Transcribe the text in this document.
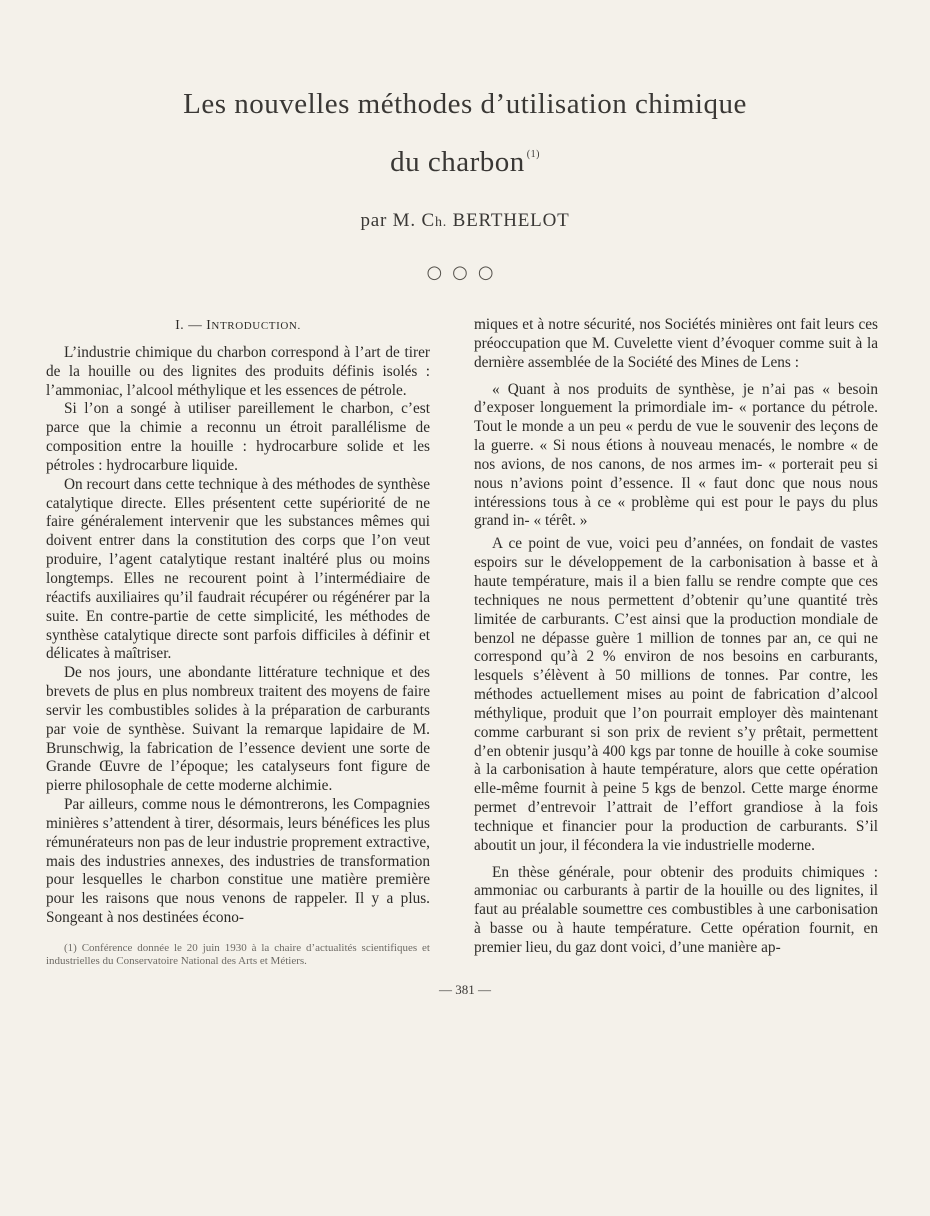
Les nouvelles méthodes d’utilisation chimique
du charbon $^{(1)}$
par M. Ch. BERTHELOT
○○○
I. — INTRODUCTION.

L’industrie chimique du charbon correspond à l’art de tirer de la houille ou des lignites des produits définis isolés : l’ammoniac, l’alcool méthylique et les essences de pétrole.

Si l’on a songé à utiliser pareillement le charbon, c’est parce que la chimie a reconnu un étroit parallélisme de composition entre la houille : hydrocarbure solide et les pétroles : hydrocarbure liquide.

On recourt dans cette technique à des méthodes de synthèse catalytique directe. Elles présentent cette supériorité de ne faire généralement intervenir que les substances mêmes qui doivent entrer dans la constitution des corps que l’on veut produire, l’agent catalytique restant inaltéré plus ou moins longtemps. Elles ne recourent point à l’intermédiaire de réactifs auxiliaires qu’il faudrait récupérer ou régénérer par la suite. En contre-partie de cette simplicité, les méthodes de synthèse catalytique directe sont parfois difficiles à définir et délicates à maîtriser.

De nos jours, une abondante littérature technique et des brevets de plus en plus nombreux traitent des moyens de faire servir les combustibles solides à la préparation de carburants par voie de synthèse. Suivant la remarque lapidaire de M. Brunschwig, la fabrication de l’essence devient une sorte de Grande Œuvre de l’époque; les catalyseurs font figure de pierre philosophale de cette moderne alchimie.

Par ailleurs, comme nous le démontrerons, les Compagnies minières s’attendent à tirer, désormais, leurs bénéfices les plus rémunérateurs non pas de leur industrie proprement extractive, mais des industries annexes, des industries de transformation pour lesquelles le charbon constitue une matière première pour les raisons que nous venons de rappeler. Il y a plus. Songeant à nos destinées écono-

(1) Conférence donnée le 20 juin 1930 à la chaire d’actualités scientifiques et industrielles du Conservatoire National des Arts et Métiers.

miques et à notre sécurité, nos Sociétés minières ont fait leurs ces préoccupation que M. Cuvelette vient d’évoquer comme suit à la dernière assemblée de la Société des Mines de Lens :

« Quant à nos produits de synthèse, je n’ai pas « besoin d’exposer longuement la primordiale im- « portance du pétrole. Tout le monde a un peu « perdu de vue le souvenir des leçons de la guerre. « Si nous étions à nouveau menacés, le nombre « de nos avions, de nos canons, de nos armes im- « porterait peu si nous n’avions point d’essence. Il « faut donc que nous nous intéressions tous à ce « problème qui est pour le pays du plus grand in- « térêt. »

A ce point de vue, voici peu d’années, on fondait de vastes espoirs sur le développement de la carbonisation à basse et à haute température, mais il a bien fallu se rendre compte que ces techniques ne nous permettent d’obtenir qu’une quantité très limitée de carburants. C’est ainsi que la production mondiale de benzol ne dépasse guère 1 million de tonnes par an, ce qui ne correspond qu’à 2 % environ de nos besoins en carburants, lesquels s’élèvent à 50 millions de tonnes. Par contre, les méthodes actuellement mises au point de fabrication d’alcool méthylique, produit que l’on pourrait employer dès maintenant comme carburant si son prix de revient s’y prêtait, permettent d’en obtenir jusqu’à 400 kgs par tonne de houille à coke soumise à la carbonisation à haute température, alors que cette opération elle-même fournit à peine 5 kgs de benzol. Cette marge énorme permet d’entrevoir l’attrait de l’effort grandiose à la fois technique et financier pour la production de carburants. S’il aboutit un jour, il fécondera la vie industrielle moderne.

En thèse générale, pour obtenir des produits chimiques : ammoniac ou carburants à partir de la houille ou des lignites, il faut au préalable soumettre ces combustibles à une carbonisation à basse ou à haute température. Cette opération fournit, en premier lieu, du gaz dont voici, d’une manière ap-

— 381 —
